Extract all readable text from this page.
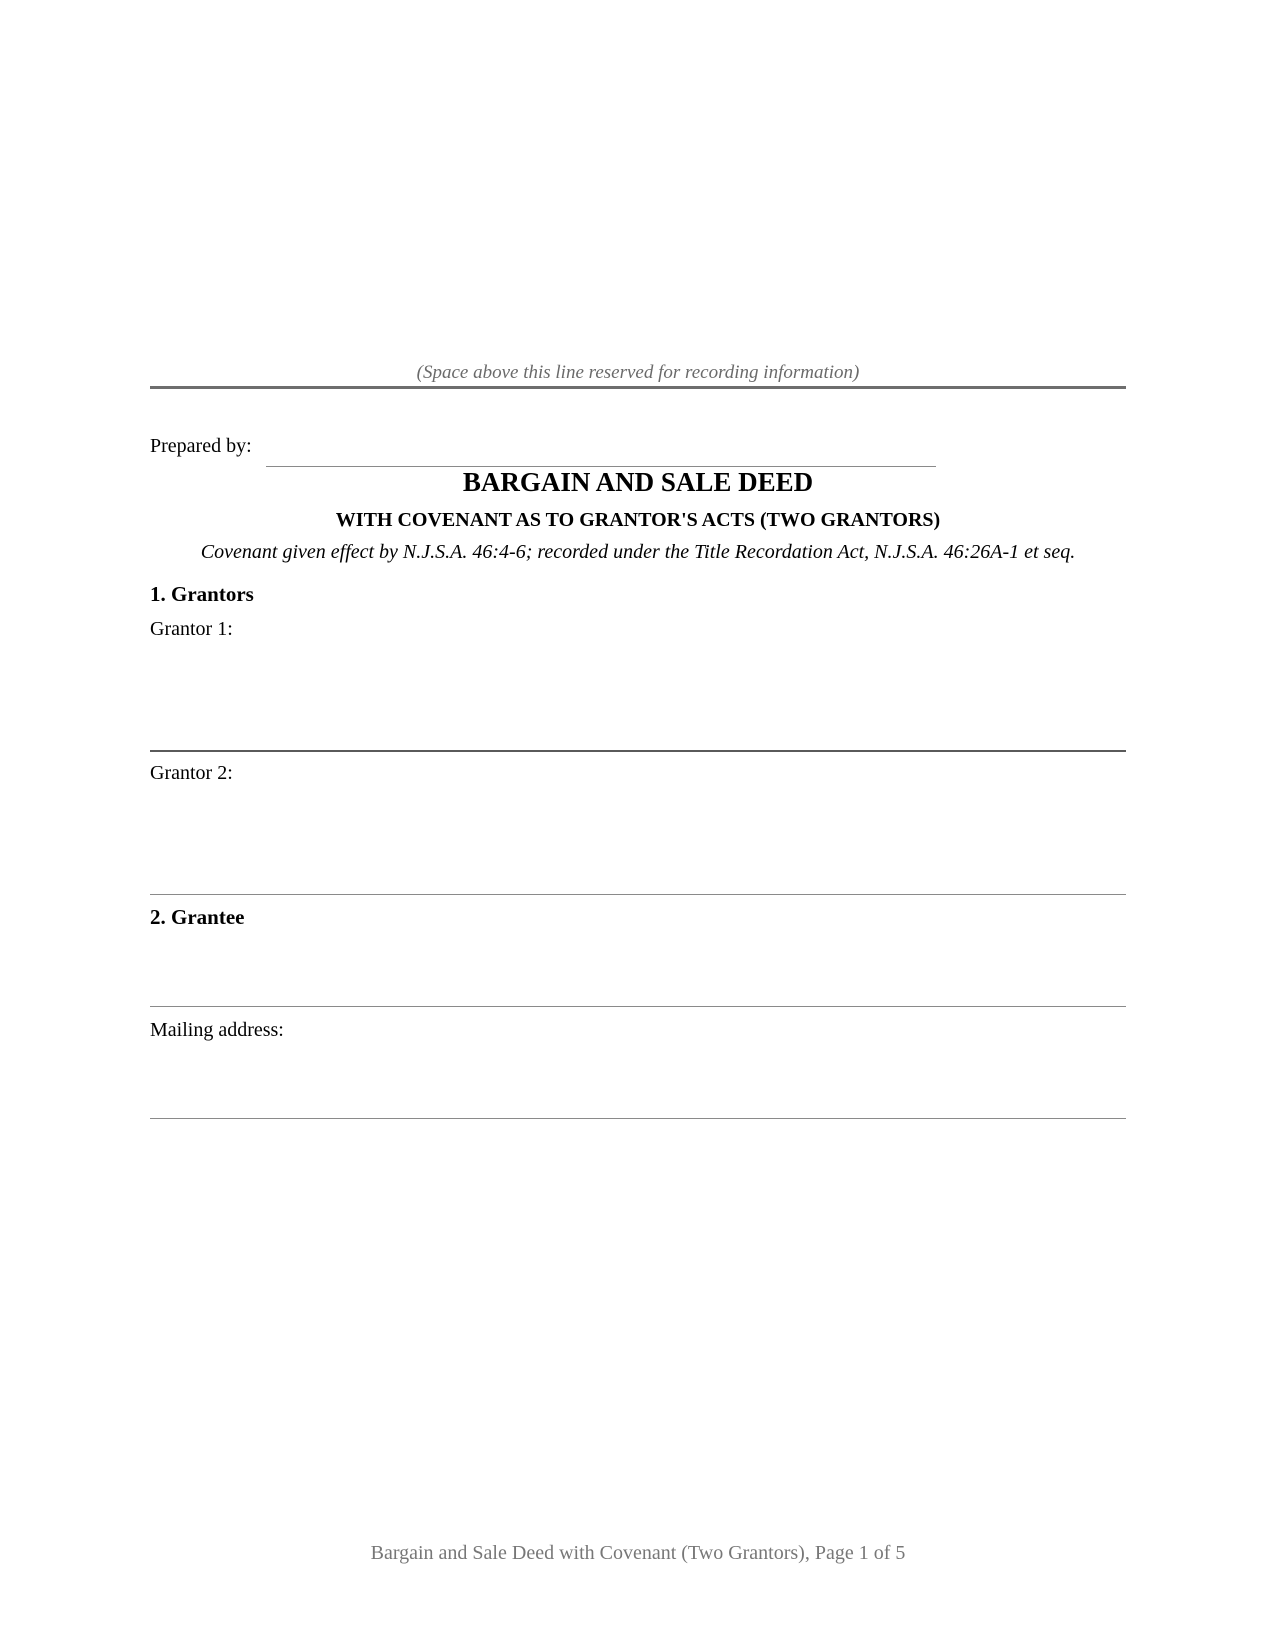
(Space above this line reserved for recording information)
Prepared by:
BARGAIN AND SALE DEED
WITH COVENANT AS TO GRANTOR'S ACTS (TWO GRANTORS)
Covenant given effect by N.J.S.A. 46:4-6; recorded under the Title Recordation Act, N.J.S.A. 46:26A-1 et seq.
1. Grantors
Grantor 1:
Grantor 2:
2. Grantee
Mailing address:
Bargain and Sale Deed with Covenant (Two Grantors), Page 1 of 5
